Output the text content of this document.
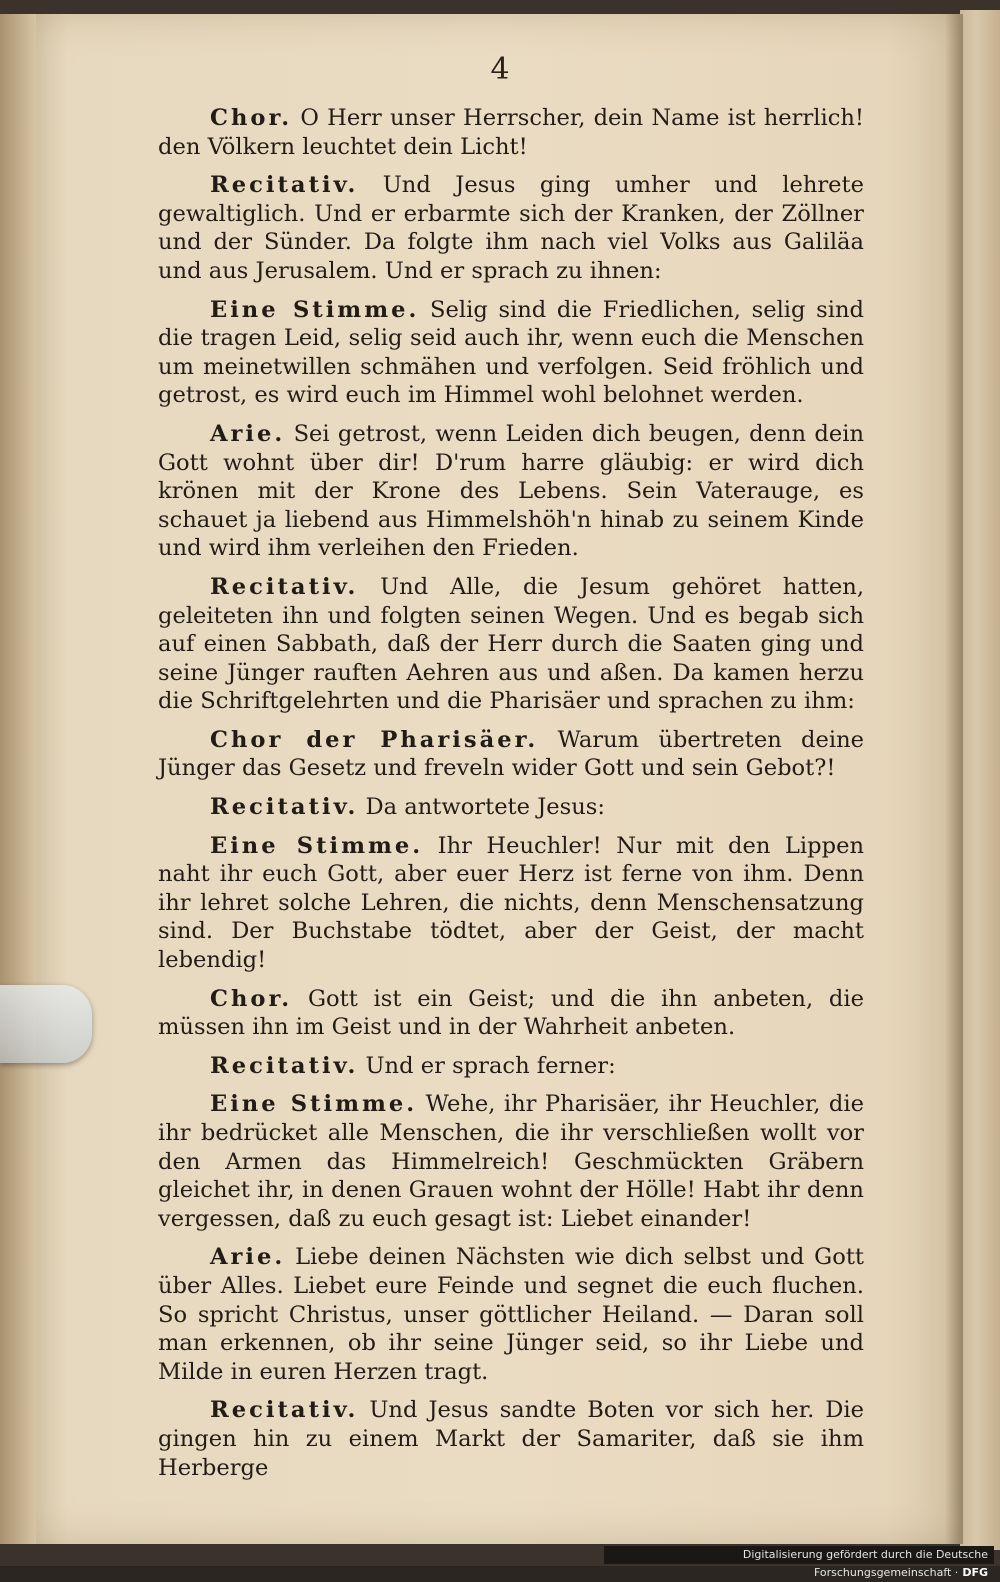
4

Chor. O Herr unser Herrscher, dein Name ist herrlich! den Völkern leuchtet dein Licht!

Recitativ. Und Jesus ging umher und lehrete gewaltiglich. Und er erbarmte sich der Kranken, der Zöllner und der Sünder. Da folgte ihm nach viel Volks aus Galiläa und aus Jerusalem. Und er sprach zu ihnen:

Eine Stimme. Selig sind die Friedlichen, selig sind die tragen Leid, selig seid auch ihr, wenn euch die Menschen um meinetwillen schmähen und verfolgen. Seid fröhlich und getrost, es wird euch im Himmel wohl belohnet werden.

Arie. Sei getrost, wenn Leiden dich beugen, denn dein Gott wohnt über dir! D'rum harre gläubig: er wird dich krönen mit der Krone des Lebens. Sein Vaterauge, es schauet ja liebend aus Himmelshöh'n hinab zu seinem Kinde und wird ihm verleihen den Frieden.

Recitativ. Und Alle, die Jesum gehöret hatten, geleiteten ihn und folgten seinen Wegen. Und es begab sich auf einen Sabbath, daß der Herr durch die Saaten ging und seine Jünger rauften Aehren aus und aßen. Da kamen herzu die Schriftgelehrten und die Pharisäer und sprachen zu ihm:

Chor der Pharisäer. Warum übertreten deine Jünger das Gesetz und freveln wider Gott und sein Gebot?!

Recitativ. Da antwortete Jesus:

Eine Stimme. Ihr Heuchler! Nur mit den Lippen naht ihr euch Gott, aber euer Herz ist ferne von ihm. Denn ihr lehret solche Lehren, die nichts, denn Menschensatzung sind. Der Buchstabe tödtet, aber der Geist, der macht lebendig!

Chor. Gott ist ein Geist; und die ihn anbeten, die müssen ihn im Geist und in der Wahrheit anbeten.

Recitativ. Und er sprach ferner:

Eine Stimme. Wehe, ihr Pharisäer, ihr Heuchler, die ihr bedrücket alle Menschen, die ihr verschließen wollt vor den Armen das Himmelreich! Geschmückten Gräbern gleichet ihr, in denen Grauen wohnt der Hölle! Habt ihr denn vergessen, daß zu euch gesagt ist: Liebet einander!

Arie. Liebe deinen Nächsten wie dich selbst und Gott über Alles. Liebet eure Feinde und segnet die euch fluchen. So spricht Christus, unser göttlicher Heiland. — Daran soll man erkennen, ob ihr seine Jünger seid, so ihr Liebe und Milde in euren Herzen tragt.

Recitativ. Und Jesus sandte Boten vor sich her. Die gingen hin zu einem Markt der Samariter, daß sie ihm Herberge

Digitalisierung gefördert durch die Deutsche Forschungsgemeinschaft · DFG
